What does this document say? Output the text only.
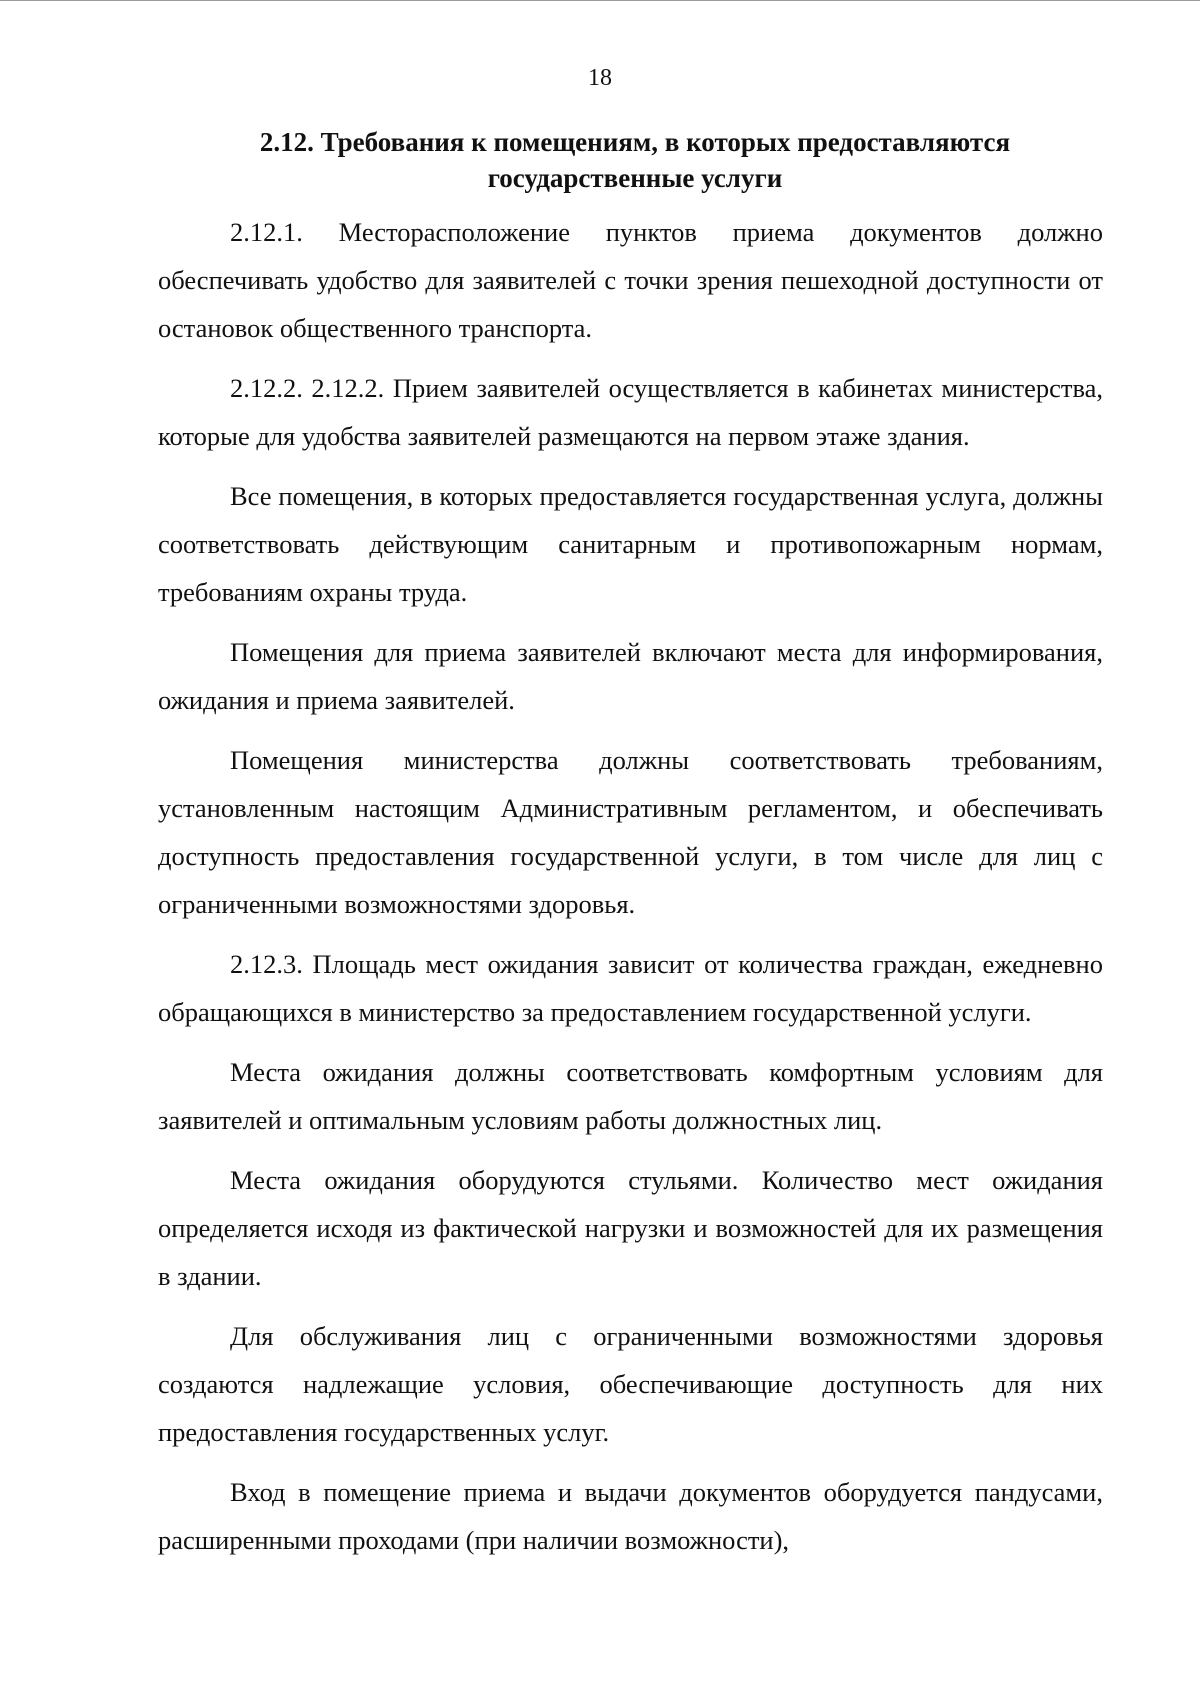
18
2.12. Требования к помещениям, в которых предоставляются
государственные услуги

2.12.1. Месторасположение пунктов приема документов должно обеспечивать удобство для заявителей с точки зрения пешеходной доступности от остановок общественного транспорта.

2.12.2. 2.12.2. Прием заявителей осуществляется в кабинетах министерства, которые для удобства заявителей размещаются на первом этаже здания.

Все помещения, в которых предоставляется государственная услуга, должны соответствовать действующим санитарным и противопожарным нормам, требованиям охраны труда.

Помещения для приема заявителей включают места для информирования, ожидания и приема заявителей.

Помещения министерства должны соответствовать требованиям, установленным настоящим Административным регламентом, и обеспечивать доступность предоставления государственной услуги, в том числе для лиц с ограниченными возможностями здоровья.

2.12.3. Площадь мест ожидания зависит от количества граждан, ежедневно обращающихся в министерство за предоставлением государственной услуги.

Места ожидания должны соответствовать комфортным условиям для заявителей и оптимальным условиям работы должностных лиц.

Места ожидания оборудуются стульями. Количество мест ожидания определяется исходя из фактической нагрузки и возможностей для их размещения в здании.

Для обслуживания лиц с ограниченными возможностями здоровья создаются надлежащие условия, обеспечивающие доступность для них предоставления государственных услуг.

Вход в помещение приема и выдачи документов оборудуется пандусами, расширенными проходами (при наличии возможности),
